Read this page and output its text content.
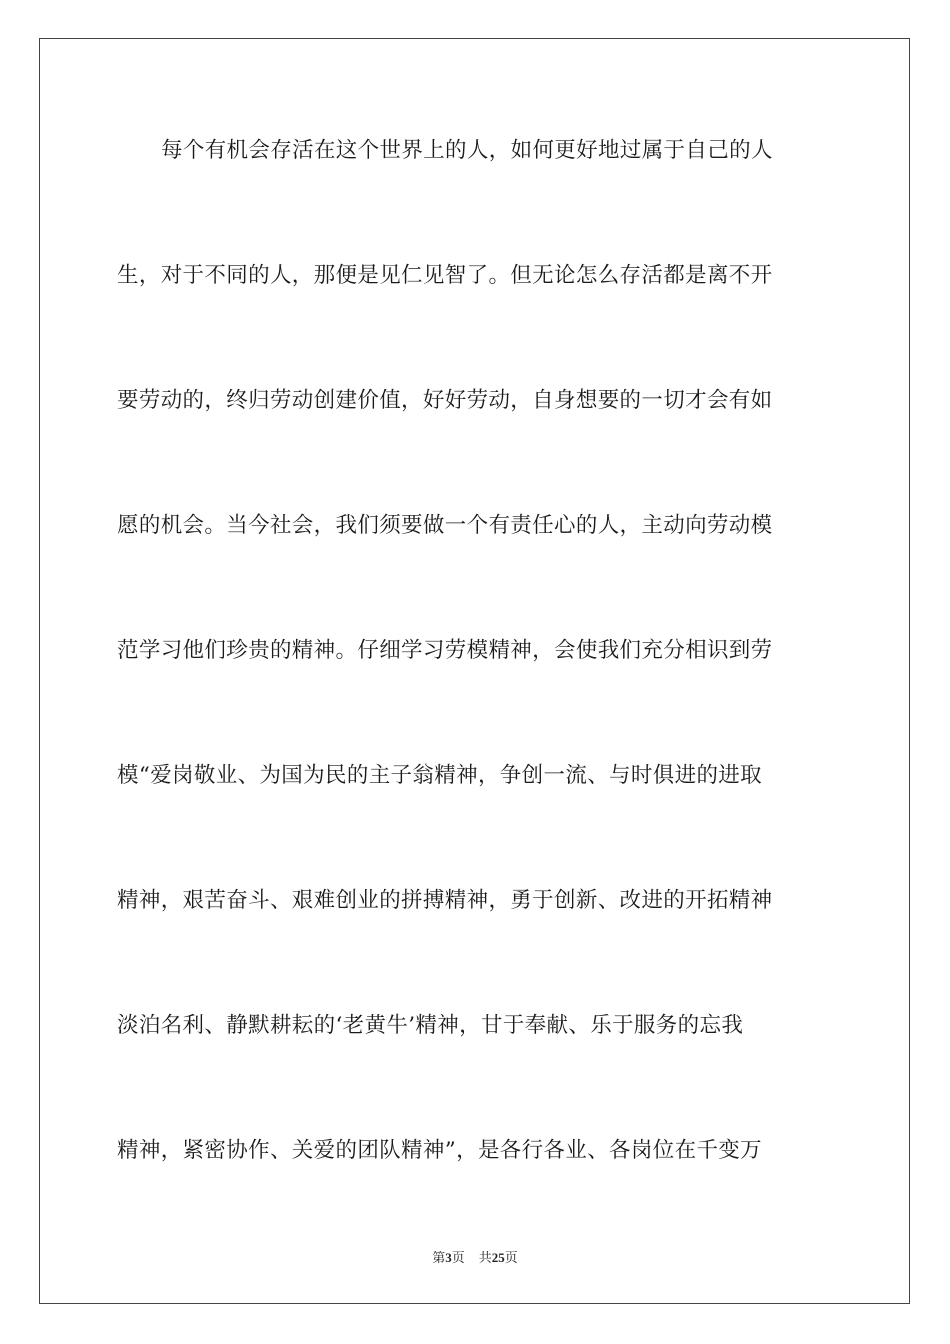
每个有机会存活在这个世界上的人，如何更好地过属于自己的人
生，对于不同的人，那便是见仁见智了。但无论怎么存活都是离不开
要劳动的，终归劳动创建价值，好好劳动，自身想要的一切才会有如
愿的机会。当今社会，我们须要做一个有责任心的人，主动向劳动模
范学习他们珍贵的精神。仔细学习劳模精神，会使我们充分相识到劳
模“爱岗敬业、为国为民的主子翁精神，争创一流、与时俱进的进取
精神，艰苦奋斗、艰难创业的拼搏精神，勇于创新、改进的开拓精神
淡泊名利、静默耕耘的‘老黄牛’精神，甘于奉献、乐于服务的忘我
精神，紧密协作、关爱的团队精神”，是各行各业、各岗位在千变万
第3页 共25页
